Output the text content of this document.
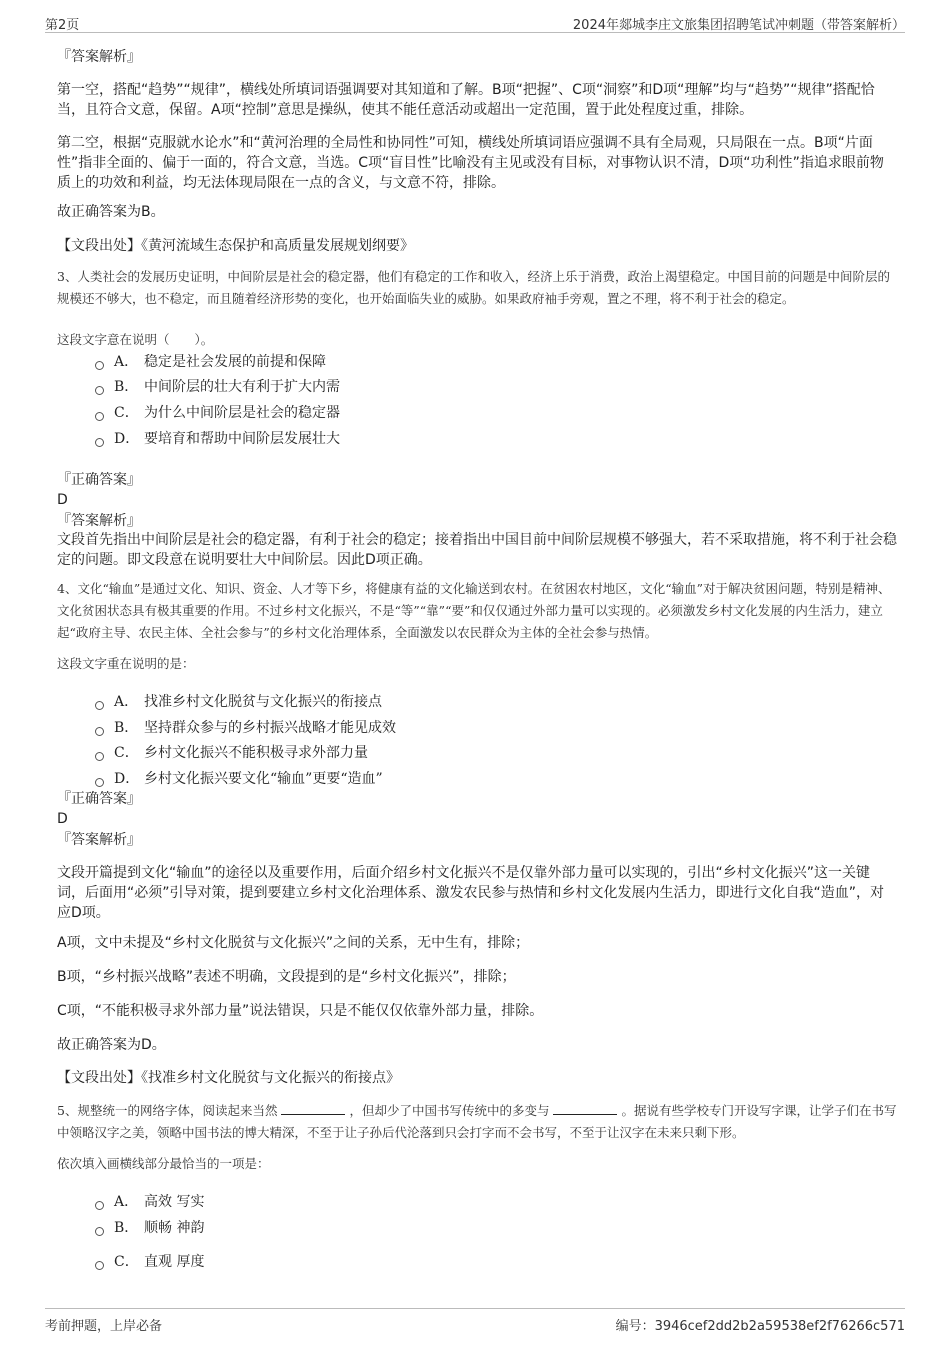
第2页	2024年郯城李庄文旅集团招聘笔试冲刺题（带答案解析）

『答案解析』

第一空，搭配“趋势”“规律”，横线处所填词语强调要对其知道和了解。B项“把握”、C项“洞察”和D项“理解”均与“趋势”“规律”搭配恰当，且符合文意，保留。A项“控制”意思是操纵，使其不能任意活动或超出一定范围，置于此处程度过重，排除。

第二空，根据“克服就水论水”和“黄河治理的全局性和协同性”可知，横线处所填词语应强调不具有全局观，只局限在一点。B项“片面性”指非全面的、偏于一面的，符合文意，当选。C项“盲目性”比喻没有主见或没有目标，对事物认识不清，D项“功利性”指追求眼前物质上的功效和利益，均无法体现局限在一点的含义，与文意不符，排除。

故正确答案为B。

【文段出处】《黄河流域生态保护和高质量发展规划纲要》

3、人类社会的发展历史证明，中间阶层是社会的稳定器，他们有稳定的工作和收入，经济上乐于消费，政治上渴望稳定。中国目前的问题是中间阶层的规模还不够大，也不稳定，而且随着经济形势的变化，也开始面临失业的威胁。如果政府袖手旁观，置之不理，将不利于社会的稳定。

这段文字意在说明（　　）。

A． 稳定是社会发展的前提和保障
B． 中间阶层的壮大有利于扩大内需
C． 为什么中间阶层是社会的稳定器
D． 要培育和帮助中间阶层发展壮大

『正确答案』

D

『答案解析』

文段首先指出中间阶层是社会的稳定器，有利于社会的稳定；接着指出中国目前中间阶层规模不够强大，若不采取措施，将不利于社会稳定的问题。即文段意在说明要壮大中间阶层。因此D项正确。

4、文化“输血”是通过文化、知识、资金、人才等下乡，将健康有益的文化输送到农村。在贫困农村地区，文化“输血”对于解决贫困问题，特别是精神、文化贫困状态具有极其重要的作用。不过乡村文化振兴，不是“等”“靠”“要”和仅仅通过外部力量可以实现的。必须激发乡村文化发展的内生活力，建立起“政府主导、农民主体、全社会参与”的乡村文化治理体系，全面激发以农民群众为主体的全社会参与热情。

这段文字重在说明的是：

A． 找准乡村文化脱贫与文化振兴的衔接点
B． 坚持群众参与的乡村振兴战略才能见成效
C． 乡村文化振兴不能积极寻求外部力量
D． 乡村文化振兴要文化“输血”更要“造血”

『正确答案』

D

『答案解析』

文段开篇提到文化“输血”的途径以及重要作用，后面介绍乡村文化振兴不是仅靠外部力量可以实现的，引出“乡村文化振兴”这一关键词，后面用“必须”引导对策，提到要建立乡村文化治理体系、激发农民参与热情和乡村文化发展内生活力，即进行文化自我“造血”，对应D项。

A项，文中未提及“乡村文化脱贫与文化振兴”之间的关系，无中生有，排除；

B项，“乡村振兴战略”表述不明确，文段提到的是“乡村文化振兴”，排除；

C项，“不能积极寻求外部力量”说法错误，只是不能仅仅依靠外部力量，排除。

故正确答案为D。

【文段出处】《找准乡村文化脱贫与文化振兴的衔接点》

5、规整统一的网络字体，阅读起来当然	，但却少了中国书写传统中的多变与	。据说有些学校专门开设写字课，让学子们在书写中领略汉字之美，领略中国书法的博大精深，不至于让子孙后代沦落到只会打字而不会书写，不至于让汉字在未来只剩下形。

依次填入画横线部分最恰当的一项是：

A． 高效 写实
B． 顺畅 神韵
C． 直观 厚度
考前押题，上岸必备	编号：3946cef2dd2b2a59538ef2f76266c571
